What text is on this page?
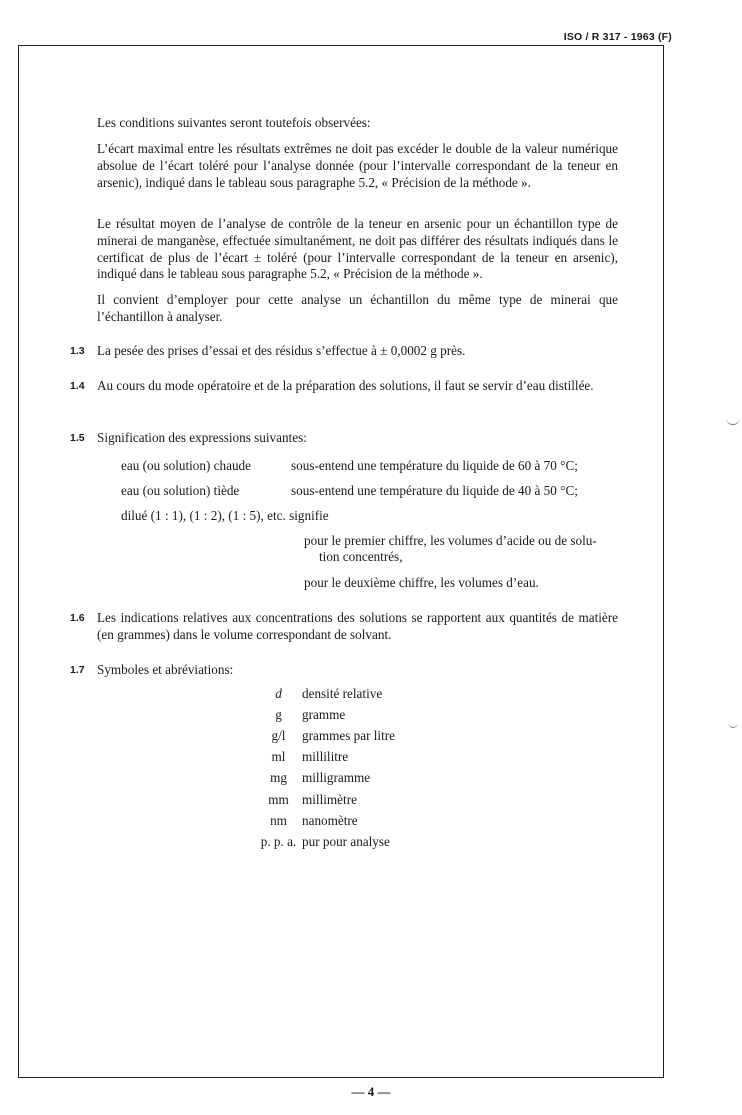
ISO / R 317 - 1963 (F)

Les conditions suivantes seront toutefois observées:

L’écart maximal entre les résultats extrêmes ne doit pas excéder le double de la valeur numérique absolue de l’écart toléré pour l’analyse donnée (pour l’intervalle correspondant de la teneur en arsenic), indiqué dans le tableau sous paragraphe 5.2, « Précision de la méthode ».

Le résultat moyen de l’analyse de contrôle de la teneur en arsenic pour un échantillon type de minerai de manganèse, effectuée simultanément, ne doit pas différer des résultats indiqués dans le certificat de plus de l’écart ± toléré (pour l’intervalle correspondant de la teneur en arsenic), indiqué dans le tableau sous paragraphe 5.2, « Précision de la méthode ».

Il convient d’employer pour cette analyse un échantillon du même type de minerai que l’échantillon à analyser.

1.3 La pesée des prises d’essai et des résidus s’effectue à ± 0,0002 g près.
1.4 Au cours du mode opératoire et de la préparation des solutions, il faut se servir d’eau distillée.
1.5 Signification des expressions suivantes:
eau (ou solution) chaude	sous-entend une température du liquide de 60 à 70 °C;
eau (ou solution) tiède	sous-entend une température du liquide de 40 à 50 °C;
dilué (1 : 1), (1 : 2), (1 : 5), etc. signifie
pour le premier chiffre, les volumes d’acide ou de solu-
tion concentrés,
pour le deuxième chiffre, les volumes d’eau.
1.6 Les indications relatives aux concentrations des solutions se rapportent aux quantités de matière (en grammes) dans le volume correspondant de solvant.
1.7 Symboles et abréviations:
d densité relative
g gramme
g/l grammes par litre
ml millilitre
mg milligramme
mm millimètre
nm nanomètre
p. p. a. pur pour analyse
— 4 —
